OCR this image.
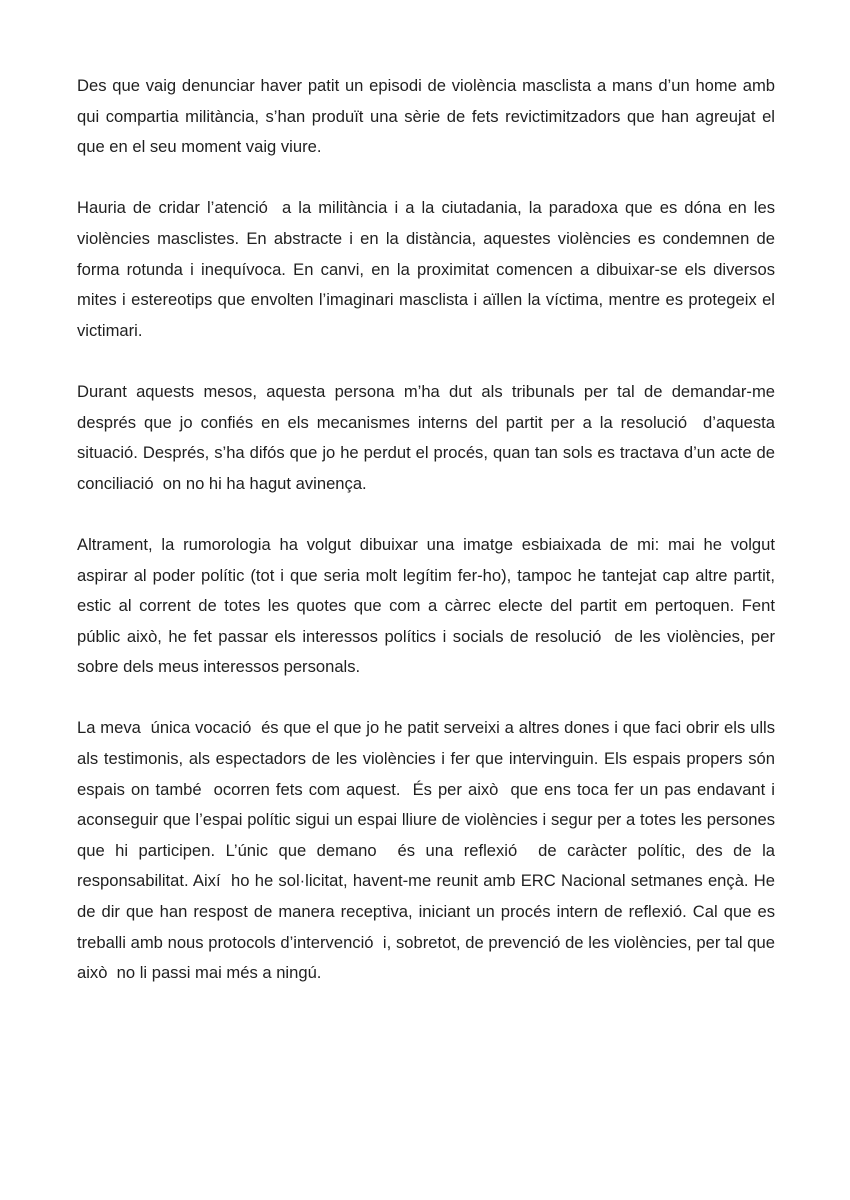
Des que vaig denunciar haver patit un episodi de violència masclista a mans d’un home amb qui compartia militància, s’han produït una sèrie de fets revictimitzadors que han agreujat el que en el seu moment vaig viure.

Hauria de cridar l’atenció  a la militància i a la ciutadania, la paradoxa que es dóna en les violències masclistes. En abstracte i en la distància, aquestes violències es condemnen de forma rotunda i inequívoca. En canvi, en la proximitat comencen a dibuixar-se els diversos mites i estereotips que envolten l’imaginari masclista i aïllen la víctima, mentre es protegeix el victimari.

Durant aquests mesos, aquesta persona m’ha dut als tribunals per tal de demandar-me després que jo confiés en els mecanismes interns del partit per a la resolució  d’aquesta situació. Després, s’ha difós que jo he perdut el procés, quan tan sols es tractava d’un acte de conciliació  on no hi ha hagut avinença.

Altrament, la rumorologia ha volgut dibuixar una imatge esbiaixada de mi: mai he volgut aspirar al poder polític (tot i que seria molt legítim fer-ho), tampoc he tantejat cap altre partit, estic al corrent de totes les quotes que com a càrrec electe del partit em pertoquen. Fent públic això, he fet passar els interessos polítics i socials de resolució  de les violències, per sobre dels meus interessos personals.

La meva  única vocació  és que el que jo he patit serveixi a altres dones i que faci obrir els ulls als testimonis, als espectadors de les violències i fer que intervinguin. Els espais propers són espais on també  ocorren fets com aquest.  És per això  que ens toca fer un pas endavant i aconseguir que l’espai polític sigui un espai lliure de violències i segur per a totes les persones que hi participen. L’únic que demano  és una reflexió  de caràcter polític, des de la responsabilitat. Així  ho he sol·licitat, havent-me reunit amb ERC Nacional setmanes ençà. He de dir que han respost de manera receptiva, iniciant un procés intern de reflexió. Cal que es treballi amb nous protocols d’intervenció  i, sobretot, de prevenció de les violències, per tal que això  no li passi mai més a ningú.
